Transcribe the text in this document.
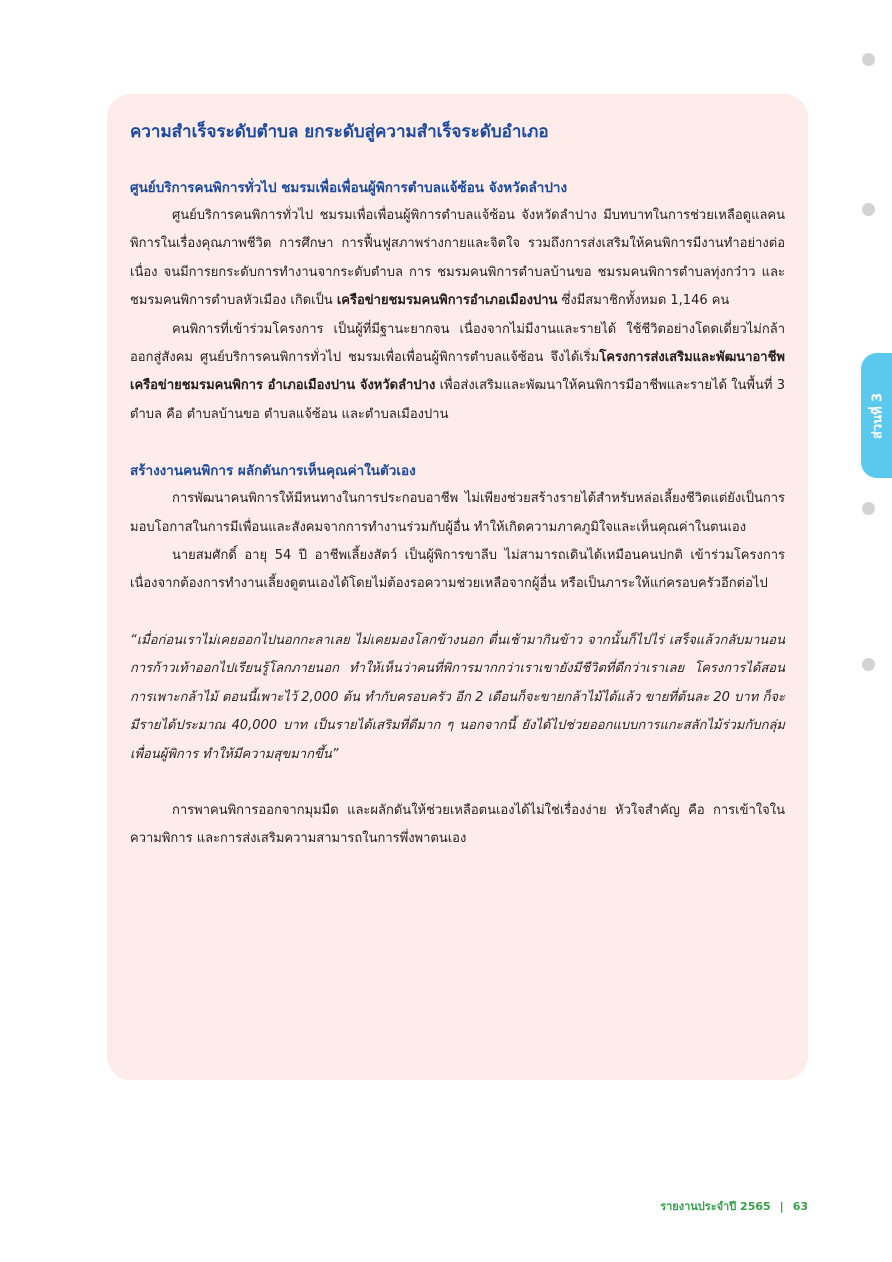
ส่วนที่ 3
ความสำเร็จระดับตำบล ยกระดับสู่ความสำเร็จระดับอำเภอ
ศูนย์บริการคนพิการทั่วไป ชมรมเพื่อเพื่อนผู้พิการตำบลแจ้ซ้อน จังหวัดลำปาง

ศูนย์บริการคนพิการทั่วไป ชมรมเพื่อเพื่อนผู้พิการตำบลแจ้ซ้อน จังหวัดลำปาง มีบทบาทในการช่วยเหลือดูแลคนพิการในเรื่องคุณภาพชีวิต การศึกษา การฟื้นฟูสภาพร่างกายและจิตใจ รวมถึงการส่งเสริมให้คนพิการมีงานทำอย่างต่อเนื่อง จนมีการยกระดับการทำงานจากระดับตำบล การ ชมรมคนพิการตำบลบ้านขอ ชมรมคนพิการตำบลทุ่งกว๋าว และชมรมคนพิการตำบลหัวเมือง เกิดเป็น เครือข่ายชมรมคนพิการอำเภอเมืองปาน ซึ่งมีสมาชิกทั้งหมด 1,146 คน

คนพิการที่เข้าร่วมโครงการ เป็นผู้ที่มีฐานะยากจน เนื่องจากไม่มีงานและรายได้ ใช้ชีวิตอย่างโดดเดี่ยวไม่กล้าออกสู่สังคม ศูนย์บริการคนพิการทั่วไป ชมรมเพื่อเพื่อนผู้พิการตำบลแจ้ซ้อน จึงได้เริ่มโครงการส่งเสริมและพัฒนาอาชีพเครือข่ายชมรมคนพิการ อำเภอเมืองปาน จังหวัดลำปาง เพื่อส่งเสริมและพัฒนาให้คนพิการมีอาชีพและรายได้ ในพื้นที่ 3 ตำบล คือ ตำบลบ้านขอ ตำบลแจ้ซ้อน และตำบลเมืองปาน

สร้างงานคนพิการ ผลักดันการเห็นคุณค่าในตัวเอง

การพัฒนาคนพิการให้มีหนทางในการประกอบอาชีพ ไม่เพียงช่วยสร้างรายได้สำหรับหล่อเลี้ยงชีวิตแต่ยังเป็นการมอบโอกาสในการมีเพื่อนและสังคมจากการทำงานร่วมกับผู้อื่น ทำให้เกิดความภาคภูมิใจและเห็นคุณค่าในตนเอง

นายสมศักดิ์ อายุ 54 ปี อาชีพเลี้ยงสัตว์ เป็นผู้พิการขาลีบ ไม่สามารถเดินได้เหมือนคนปกติ เข้าร่วมโครงการเนื่องจากต้องการทำงานเลี้ยงดูตนเองได้โดยไม่ต้องรอความช่วยเหลือจากผู้อื่น หรือเป็นภาระให้แก่ครอบครัวอีกต่อไป

“เมื่อก่อนเราไม่เคยออกไปนอกกะลาเลย ไม่เคยมองโลกข้างนอก ตื่นเช้ามากินข้าว จากนั้นก็ไปไร่ เสร็จแล้วกลับมานอน การก้าวเท้าออกไปเรียนรู้โลกภายนอก ทำให้เห็นว่าคนที่พิการมากกว่าเราเขายังมีชีวิตที่ดีกว่าเราเลย โครงการได้สอนการเพาะกล้าไม้ ตอนนี้เพาะไว้ 2,000 ต้น ทำกับครอบครัว อีก 2 เดือนก็จะขายกล้าไม้ได้แล้ว ขายที่ต้นละ 20 บาท ก็จะมีรายได้ประมาณ 40,000 บาท เป็นรายได้เสริมที่ดีมาก ๆ นอกจากนี้ ยังได้ไปช่วยออกแบบการแกะสลักไม้ร่วมกับกลุ่มเพื่อนผู้พิการ ทำให้มีความสุขมากขึ้น”

การพาคนพิการออกจากมุมมืด และผลักดันให้ช่วยเหลือตนเองได้ไม่ใช่เรื่องง่าย หัวใจสำคัญ คือ การเข้าใจในความพิการ และการส่งเสริมความสามารถในการพึ่งพาตนเอง

รายงานประจำปี 2565 | 63
